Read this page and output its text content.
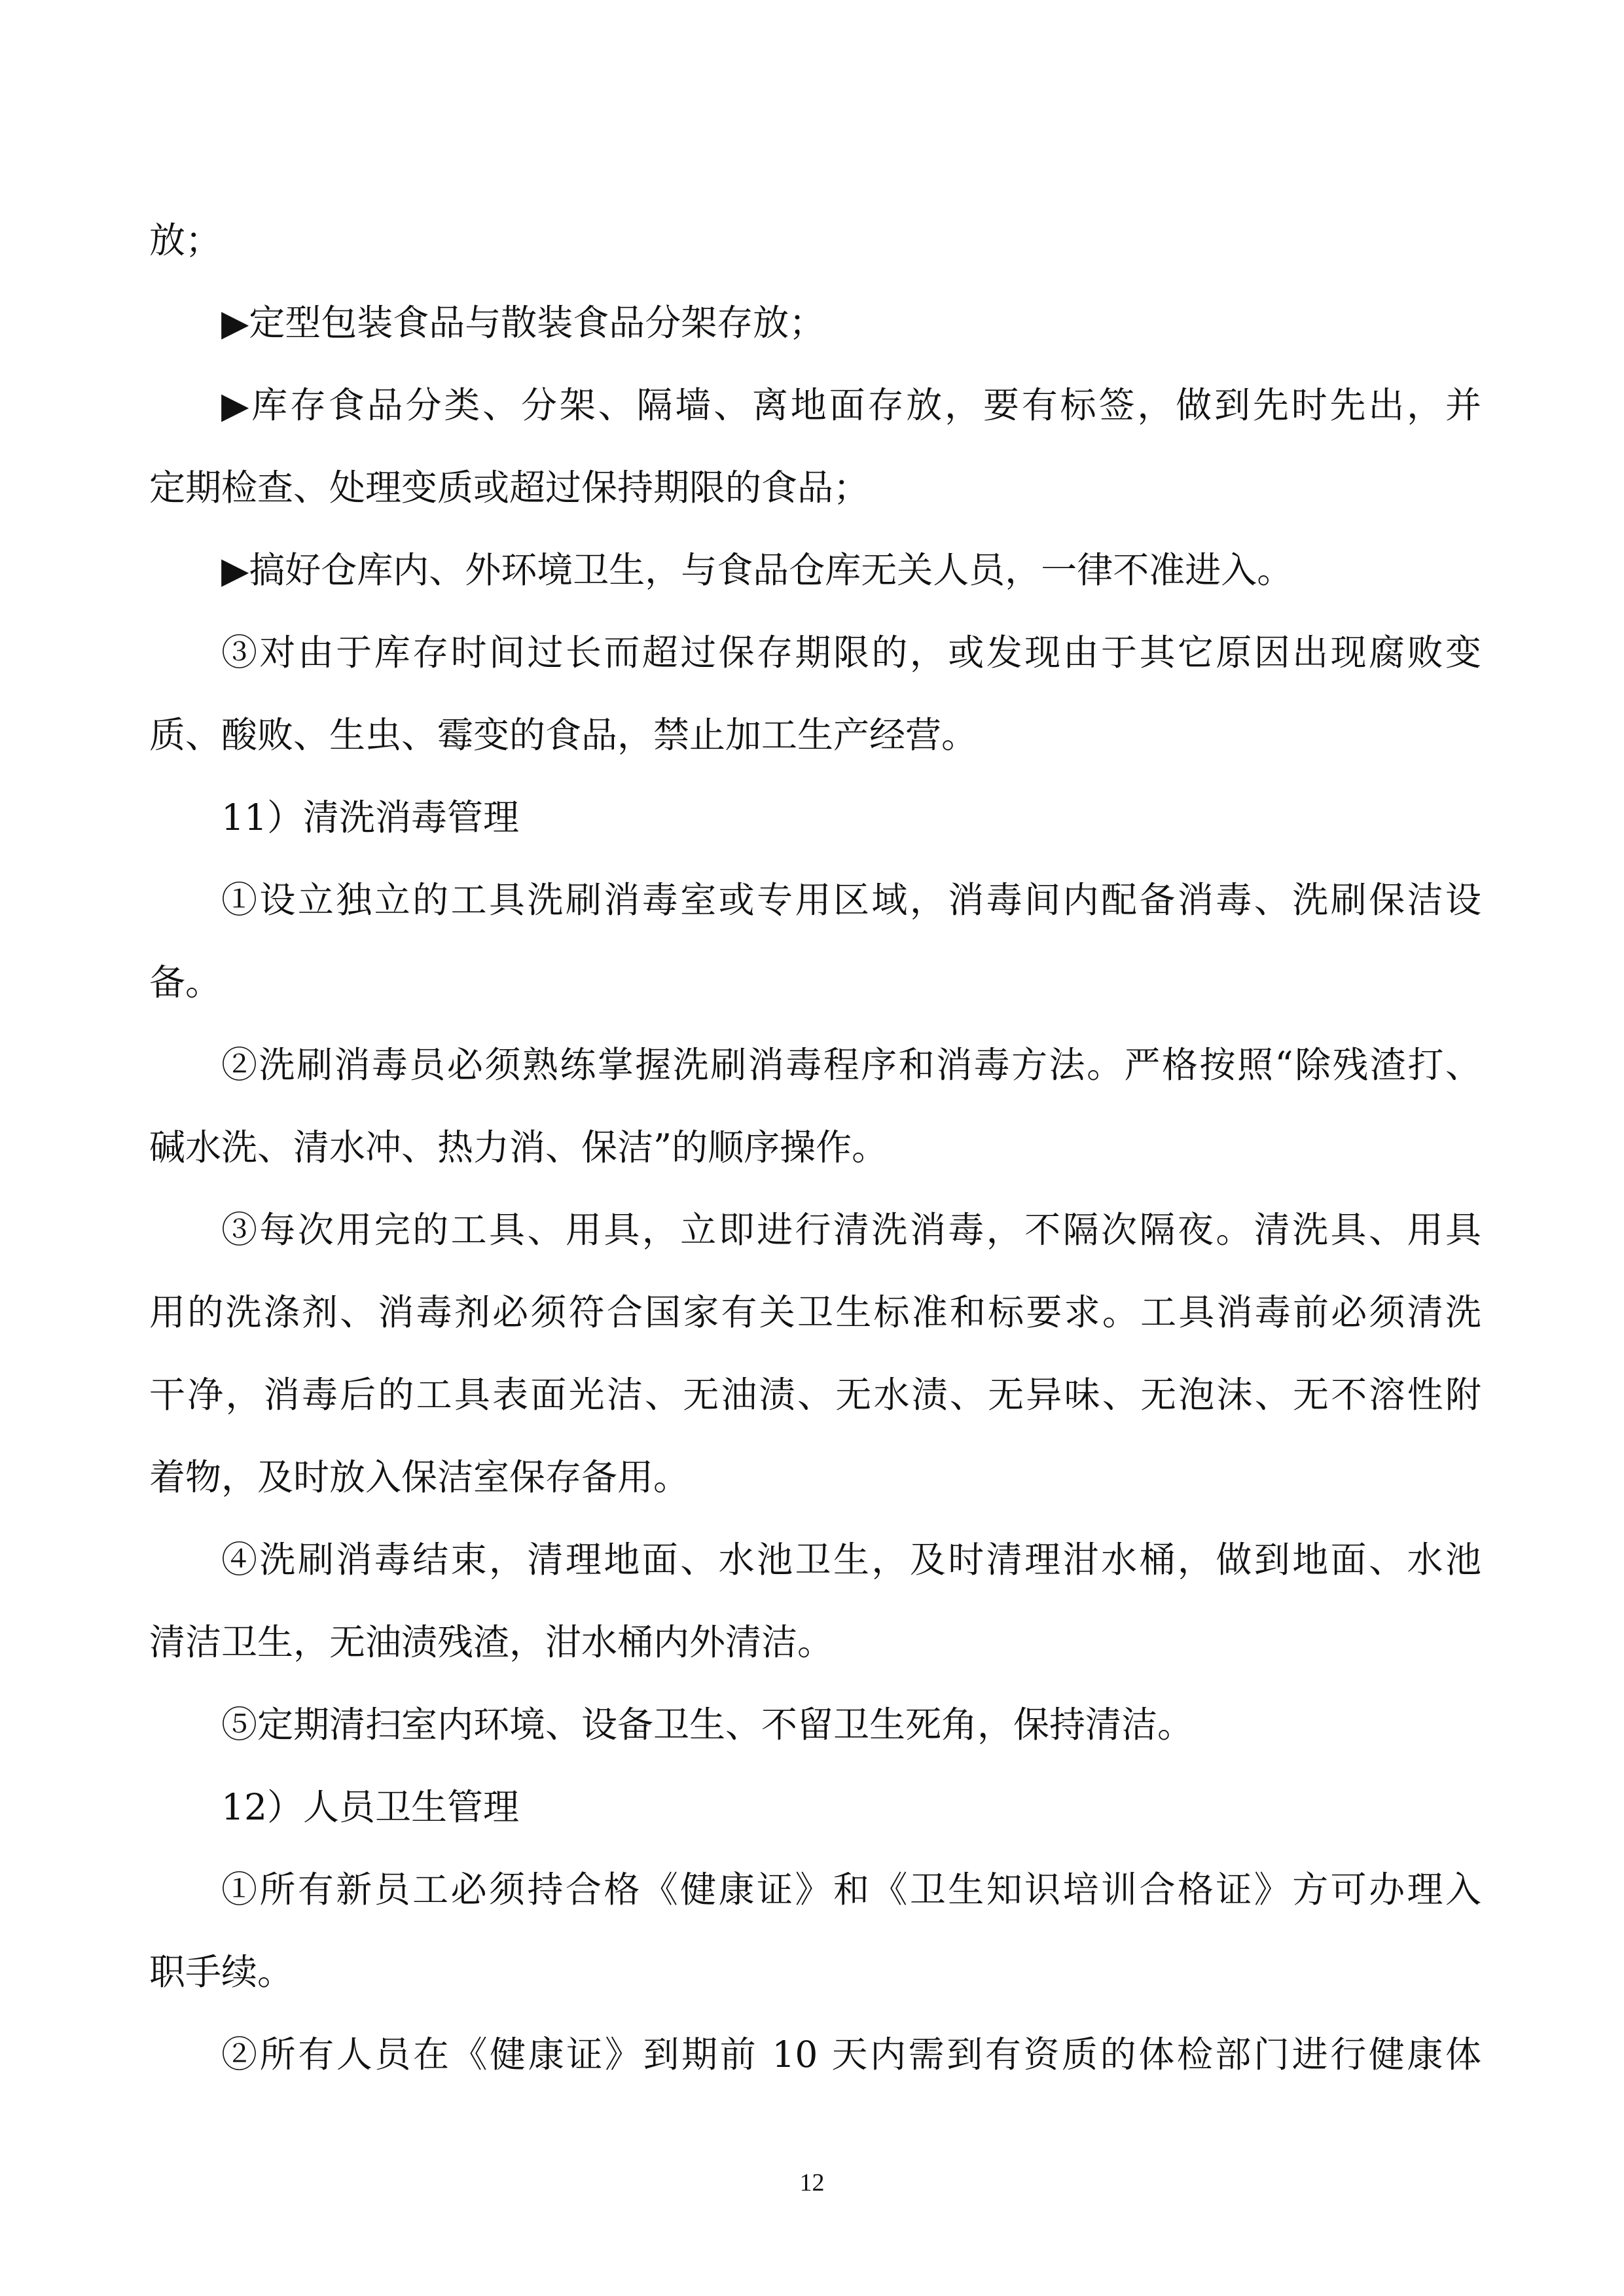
放；
▶定型包装食品与散装食品分架存放；
▶库存食品分类、分架、隔墙、离地面存放，要有标签，做到先时先出，并
定期检查、处理变质或超过保持期限的食品；
▶搞好仓库内、外环境卫生，与食品仓库无关人员，一律不准进入。
③对由于库存时间过长而超过保存期限的，或发现由于其它原因出现腐败变
质、酸败、生虫、霉变的食品，禁止加工生产经营。
11）清洗消毒管理
①设立独立的工具洗刷消毒室或专用区域，消毒间内配备消毒、洗刷保洁设
备。
②洗刷消毒员必须熟练掌握洗刷消毒程序和消毒方法。严格按照“除残渣打、
碱水洗、清水冲、热力消、保洁”的顺序操作。
③每次用完的工具、用具，立即进行清洗消毒，不隔次隔夜。清洗具、用具
用的洗涤剂、消毒剂必须符合国家有关卫生标准和标要求。工具消毒前必须清洗
干净，消毒后的工具表面光洁、无油渍、无水渍、无异味、无泡沫、无不溶性附
着物，及时放入保洁室保存备用。
④洗刷消毒结束，清理地面、水池卫生，及时清理泔水桶，做到地面、水池
清洁卫生，无油渍残渣，泔水桶内外清洁。
⑤定期清扫室内环境、设备卫生、不留卫生死角，保持清洁。
12）人员卫生管理
①所有新员工必须持合格《健康证》和《卫生知识培训合格证》方可办理入
职手续。
②所有人员在《健康证》到期前 10 天内需到有资质的体检部门进行健康体
12
